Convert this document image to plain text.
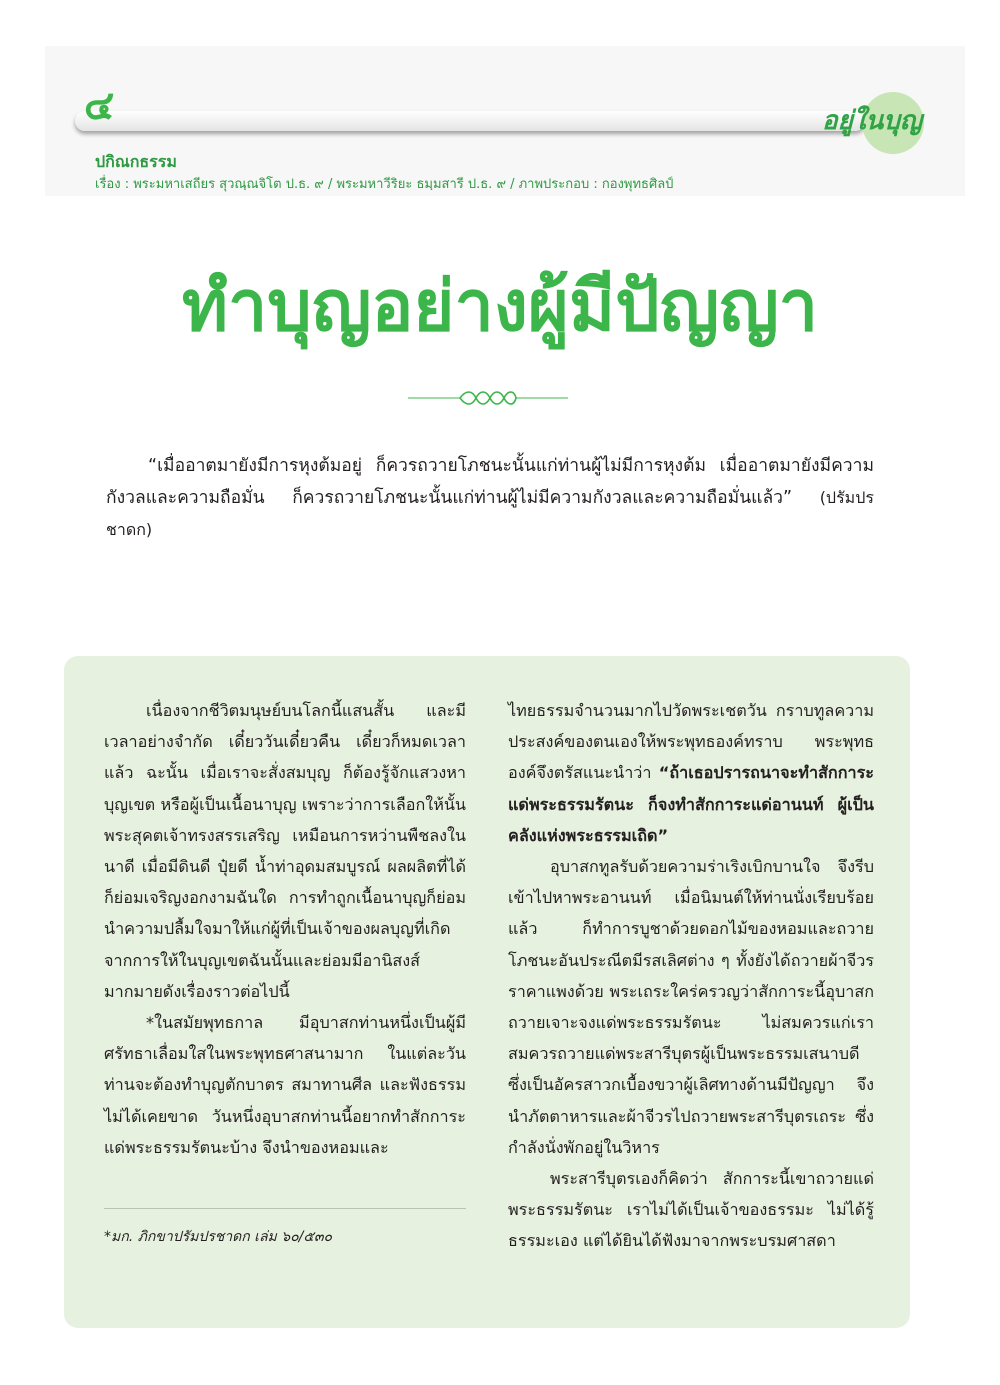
๔	อยู่ในบุญ
ปกิณกธรรม
เรื่อง : พระมหาเสถียร สุวณฺณจิโต ป.ธ. ๙ / พระมหาวีริยะ ธมฺมสารี ป.ธ. ๙ / ภาพประกอบ : กองพุทธศิลป์
ทำบุญอย่างผู้มีปัญญา
“เมื่ออาตมายังมีการหุงต้มอยู่ ก็ควรถวายโภชนะนั้นแก่ท่านผู้ไม่มีการหุงต้ม เมื่ออาตมายังมีความกังวลและความถือมั่น ก็ควรถวายโภชนะนั้นแก่ท่านผู้ไม่มีความกังวลและความถือมั่นแล้ว” (ปรัมปรชาดก)

เนื่องจากชีวิตมนุษย์บนโลกนี้แสนสั้น และมีเวลาอย่างจำกัด เดี๋ยววันเดี๋ยวคืน เดี๋ยวก็หมดเวลาแล้ว ฉะนั้น เมื่อเราจะสั่งสมบุญ ก็ต้องรู้จักแสวงหาบุญเขต หรือผู้เป็นเนื้อนาบุญ เพราะว่าการเลือกให้นั้นพระสุคตเจ้าทรงสรรเสริญ เหมือนการหว่านพืชลงในนาดี เมื่อมีดินดี ปุ๋ยดี น้ำท่าอุดมสมบูรณ์ ผลผลิตที่ได้ก็ย่อมเจริญงอกงามฉันใด การทำถูกเนื้อนาบุญก็ย่อมนำความปลื้มใจมาให้แก่ผู้ที่เป็นเจ้าของผลบุญที่เกิดจากการให้ในบุญเขตฉันนั้นและย่อมมีอานิสงส์มากมายดังเรื่องราวต่อไปนี้

*ในสมัยพุทธกาล มีอุบาสกท่านหนึ่งเป็นผู้มีศรัทธาเลื่อมใสในพระพุทธศาสนามาก ในแต่ละวันท่านจะต้องทำบุญตักบาตร สมาทานศีล และฟังธรรมไม่ได้เคยขาด วันหนึ่งอุบาสกท่านนี้อยากทำสักการะแด่พระธรรมรัตนะบ้าง จึงนำของหอมและ

*มก. ภิกขาปรัมปรชาดก เล่ม ๖๐/๕๓๐

ไทยธรรมจำนวนมากไปวัดพระเชตวัน กราบทูลความประสงค์ของตนเองให้พระพุทธองค์ทราบ พระพุทธองค์จึงตรัสแนะนำว่า “ถ้าเธอปรารถนาจะทำสักการะแด่พระธรรมรัตนะ ก็จงทำสักการะแด่อานนท์ ผู้เป็นคลังแห่งพระธรรมเถิด”

อุบาสกทูลรับด้วยความร่าเริงเบิกบานใจ จึงรีบเข้าไปหาพระอานนท์ เมื่อนิมนต์ให้ท่านนั่งเรียบร้อยแล้ว ก็ทำการบูชาด้วยดอกไม้ของหอมและถวายโภชนะอันประณีตมีรสเลิศต่าง ๆ ทั้งยังได้ถวายผ้าจีวรราคาแพงด้วย พระเถระใคร่ครวญว่าสักการะนี้อุบาสกถวายเจาะจงแด่พระธรรมรัตนะ ไม่สมควรแก่เรา สมควรถวายแด่พระสารีบุตรผู้เป็นพระธรรมเสนาบดี ซึ่งเป็นอัครสาวกเบื้องขวาผู้เลิศทางด้านมีปัญญา จึงนำภัตตาหารและผ้าจีวรไปถวายพระสารีบุตรเถระ ซึ่งกำลังนั่งพักอยู่ในวิหาร

พระสารีบุตรเองก็คิดว่า สักการะนี้เขาถวายแด่พระธรรมรัตนะ เราไม่ได้เป็นเจ้าของธรรมะ ไม่ได้รู้ธรรมะเอง แต่ได้ยินได้ฟังมาจากพระบรมศาสดา
